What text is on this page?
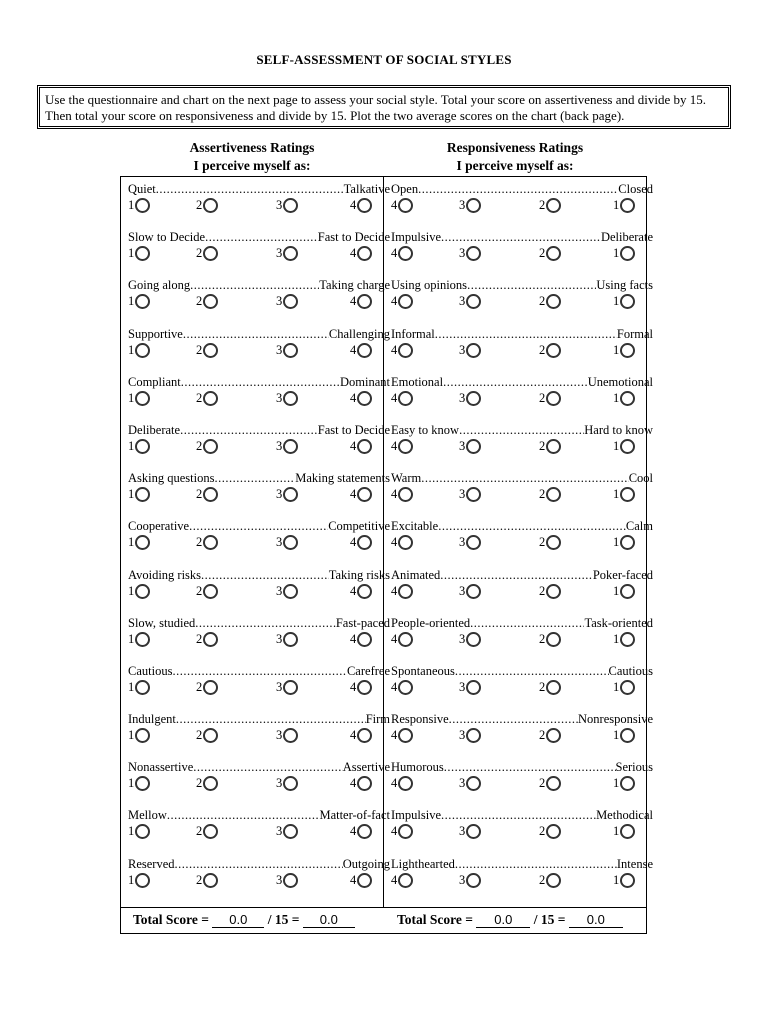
SELF-ASSESSMENT OF SOCIAL STYLES
Use the questionnaire and chart on the next page to assess your social style. Total your score on assertiveness and divide by 15. Then total your score on responsiveness and divide by 15. Plot the two average scores on the chart (back page).
Assertiveness Ratings
I perceive myself as:
Responsiveness Ratings
I perceive myself as:
Quiet .....	Talkative
1	2	3	4
Slow to Decide .....	Fast to Decide
1	2	3	4
Going along .....	Taking charge
1	2	3	4
Supportive .....	Challenging
1	2	3	4
Compliant .....	Dominant
1	2	3	4
Deliberate .....	Fast to Decide
1	2	3	4
Asking questions .....	Making statements
1	2	3	4
Cooperative .....	Competitive
1	2	3	4
Avoiding risks .....	Taking risks
1	2	3	4
Slow, studied .....	Fast-paced
1	2	3	4
Cautious .....	Carefree
1	2	3	4
Indulgent .....	Firm
1	2	3	4
Nonassertive .....	Assertive
1	2	3	4
Mellow .....	Matter-of-fact
1	2	3	4
Reserved .....	Outgoing
1	2	3	4
Open .....	Closed
4	3	2	1
Impulsive .....	Deliberate
4	3	2	1
Using opinions .....	Using facts
4	3	2	1
Informal .....	Formal
4	3	2	1
Emotional .....	Unemotional
4	3	2	1
Easy to know .....	Hard to know
4	3	2	1
Warm .....	Cool
4	3	2	1
Excitable .....	Calm
4	3	2	1
Animated .....	Poker-faced
4	3	2	1
People-oriented .....	Task-oriented
4	3	2	1
Spontaneous .....	Cautious
4	3	2	1
Responsive .....	Nonresponsive
4	3	2	1
Humorous .....	Serious
4	3	2	1
Impulsive .....	Methodical
4	3	2	1
Lighthearted .....	Intense
4	3	2	1
Total Score = 0.0 / 15 = 0.0	Total Score = 0.0 / 15 = 0.0
